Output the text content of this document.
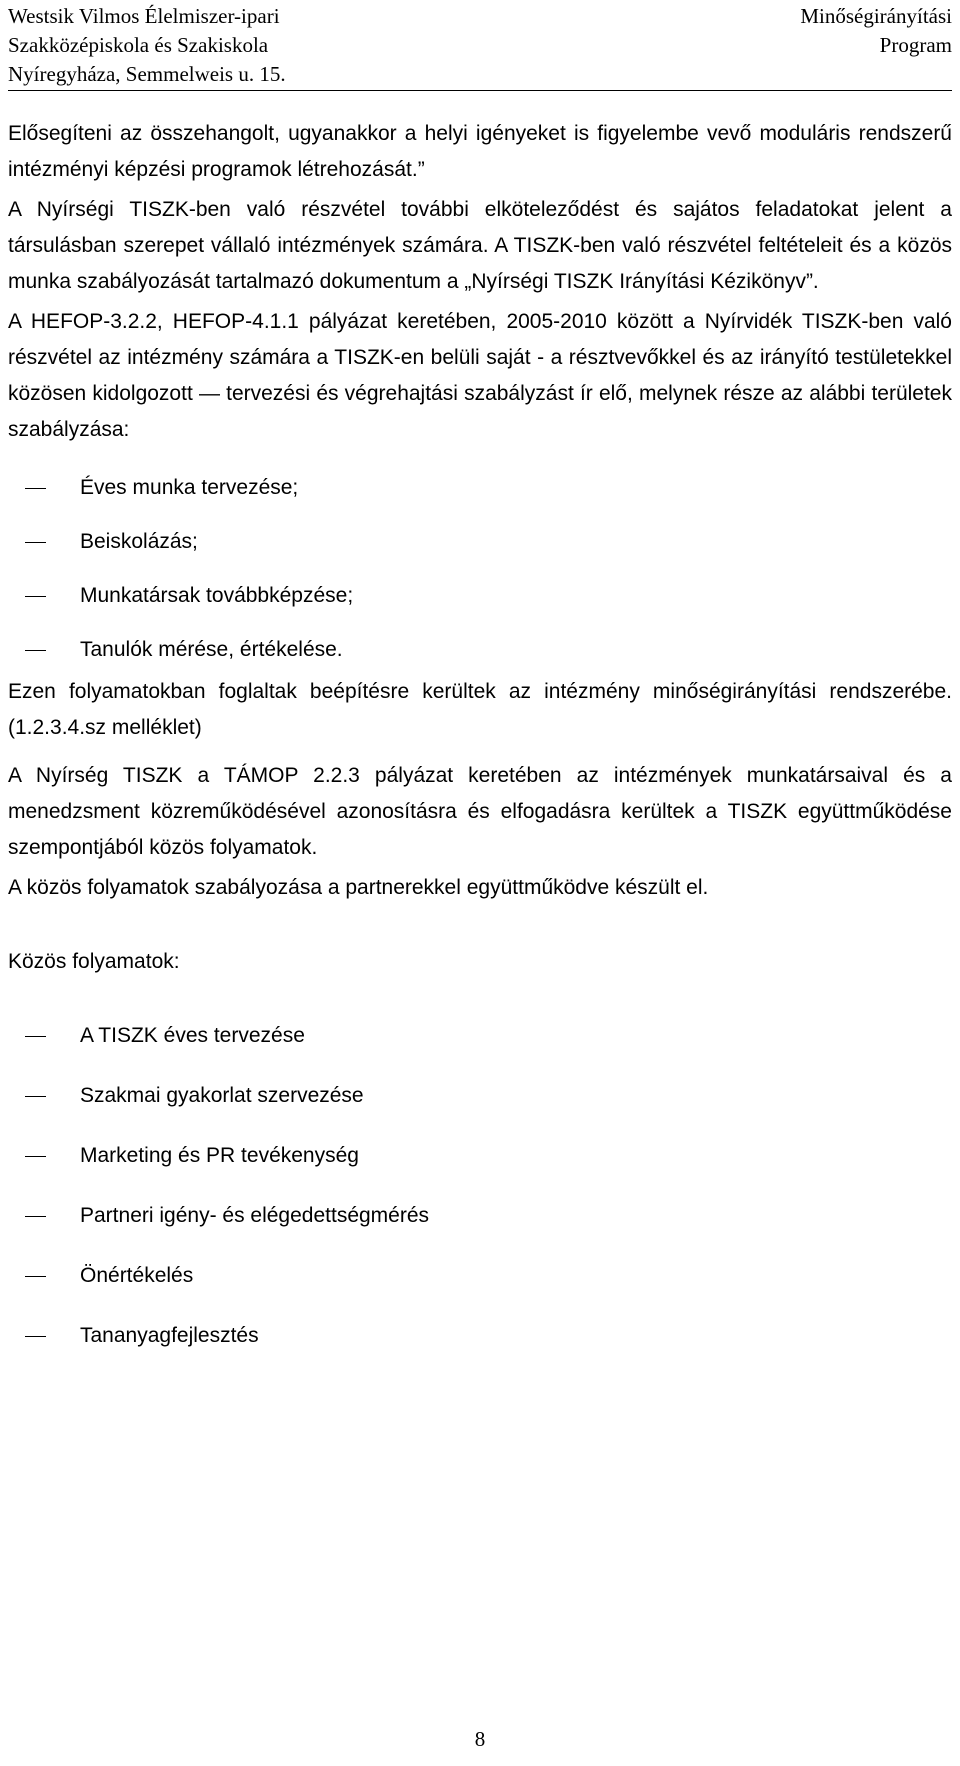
Westsik Vilmos Élelmiszer-ipari
Szakközépiskola és Szakiskola
Nyíregyháza, Semmelweis u. 15.
Minőségirányítási
Program

Elősegíteni az összehangolt, ugyanakkor a helyi igényeket is figyelembe vevő moduláris rendszerű intézményi képzési programok létrehozását.”

A Nyírségi TISZK-ben való részvétel további elköteleződést és sajátos feladatokat jelent a társulásban szerepet vállaló intézmények számára. A TISZK-ben való részvétel feltételeit és a közös munka szabályozását tartalmazó dokumentum a „Nyírségi TISZK Irányítási Kézikönyv”.

A HEFOP-3.2.2, HEFOP-4.1.1 pályázat keretében, 2005-2010 között a Nyírvidék TISZK-ben való részvétel az intézmény számára a TISZK-en belüli saját - a résztvevőkkel és az irányító testületekkel közösen kidolgozott — tervezési és végrehajtási szabályzást ír elő, melynek része az alábbi területek szabályzása:

Éves munka tervezése;
Beiskolázás;
Munkatársak továbbképzése;
Tanulók mérése, értékelése.

Ezen folyamatokban foglaltak beépítésre kerültek az intézmény minőségirányítási rendszerébe. (1.2.3.4.sz melléklet)

A Nyírség TISZK a TÁMOP 2.2.3 pályázat keretében az intézmények munkatársaival és a menedzsment közreműködésével azonosításra és elfogadásra kerültek a TISZK együttműködése szempontjából közös folyamatok.

A közös folyamatok szabályozása a partnerekkel együttműködve készült el.

Közös folyamatok:

A TISZK éves tervezése
Szakmai gyakorlat szervezése
Marketing és PR tevékenység
Partneri igény- és elégedettségmérés
Önértékelés
Tananyagfejlesztés
8
